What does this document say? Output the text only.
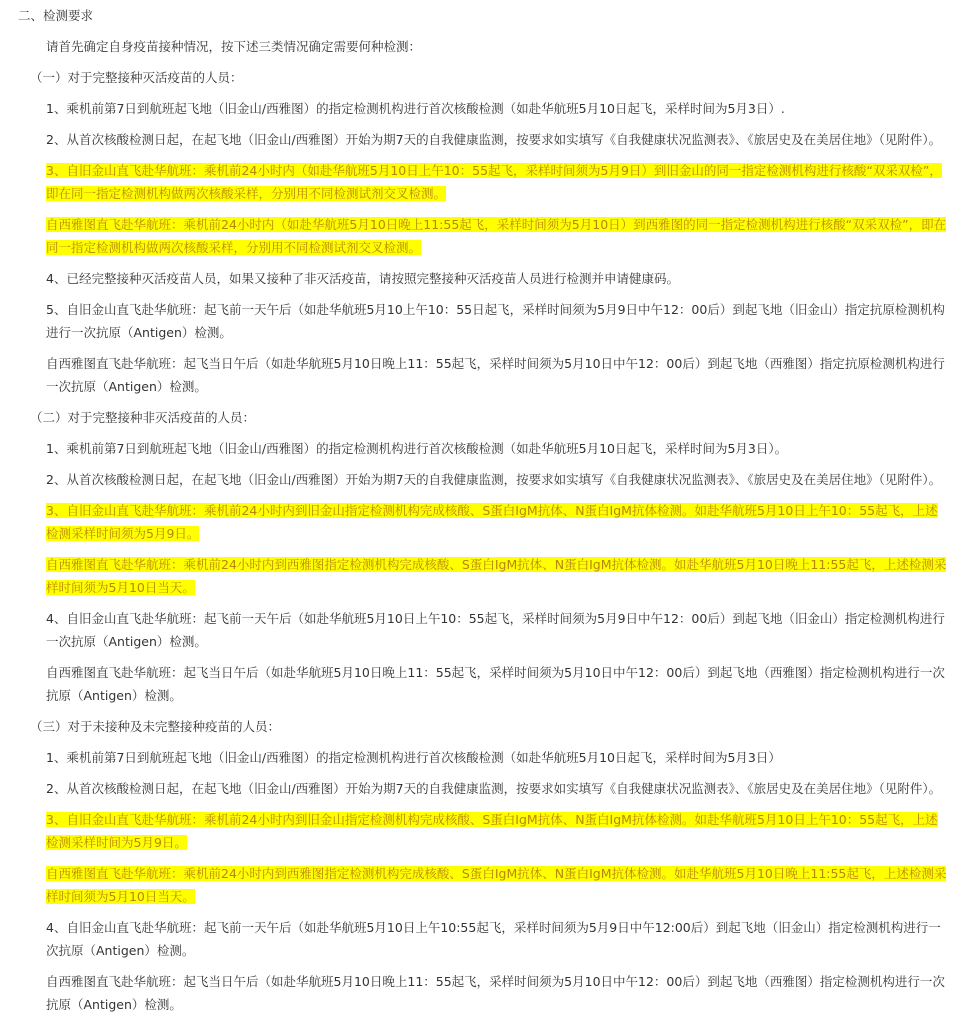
二、检测要求

请首先确定自身疫苗接种情况，按下述三类情况确定需要何种检测：

（一）对于完整接种灭活疫苗的人员：

1、乘机前第7日到航班起飞地（旧金山/西雅图）的指定检测机构进行首次核酸检测（如赴华航班5月10日起飞，采样时间为5月3日）.

2、从首次核酸检测日起，在起飞地（旧金山/西雅图）开始为期7天的自我健康监测，按要求如实填写《自我健康状况监测表》、《旅居史及在美居住地》（见附件）。

3、自旧金山直飞赴华航班：乘机前24小时内（如赴华航班5月10日上午10：55起飞，采样时间须为5月9日）到旧金山的同一指定检测机构进行核酸“双采双检”，即在同一指定检测机构做两次核酸采样，分别用不同检测试剂交叉检测。

自西雅图直飞赴华航班：乘机前24小时内（如赴华航班5月10日晚上11:55起飞，采样时间须为5月10日）到西雅图的同一指定检测机构进行核酸“双采双检”，即在同一指定检测机构做两次核酸采样，分别用不同检测试剂交叉检测。

4、已经完整接种灭活疫苗人员，如果又接种了非灭活疫苗，请按照完整接种灭活疫苗人员进行检测并申请健康码。

5、自旧金山直飞赴华航班：起飞前一天午后（如赴华航班5月10上午10：55日起飞，采样时间须为5月9日中午12：00后）到起飞地（旧金山）指定抗原检测机构进行一次抗原（Antigen）检测。

自西雅图直飞赴华航班：起飞当日午后（如赴华航班5月10日晚上11：55起飞，采样时间须为5月10日中午12：00后）到起飞地（西雅图）指定抗原检测机构进行一次抗原（Antigen）检测。

（二）对于完整接种非灭活疫苗的人员：

1、乘机前第7日到航班起飞地（旧金山/西雅图）的指定检测机构进行首次核酸检测（如赴华航班5月10日起飞，采样时间为5月3日）。

2、从首次核酸检测日起，在起飞地（旧金山/西雅图）开始为期7天的自我健康监测，按要求如实填写《自我健康状况监测表》、《旅居史及在美居住地》（见附件）。

3、自旧金山直飞赴华航班：乘机前24小时内到旧金山指定检测机构完成核酸、S蛋白IgM抗体、N蛋白IgM抗体检测。如赴华航班5月10日上午10：55起飞，上述检测采样时间须为5月9日。

自西雅图直飞赴华航班：乘机前24小时内到西雅图指定检测机构完成核酸、S蛋白IgM抗体、N蛋白IgM抗体检测。如赴华航班5月10日晚上11:55起飞，上述检测采样时间须为5月10日当天。

4、自旧金山直飞赴华航班：起飞前一天午后（如赴华航班5月10日上午10：55起飞，采样时间须为5月9日中午12：00后）到起飞地（旧金山）指定检测机构进行一次抗原（Antigen）检测。

自西雅图直飞赴华航班：起飞当日午后（如赴华航班5月10日晚上11：55起飞，采样时间须为5月10日中午12：00后）到起飞地（西雅图）指定检测机构进行一次抗原（Antigen）检测。

（三）对于未接种及未完整接种疫苗的人员：

1、乘机前第7日到航班起飞地（旧金山/西雅图）的指定检测机构进行首次核酸检测（如赴华航班5月10日起飞，采样时间为5月3日）

2、从首次核酸检测日起，在起飞地（旧金山/西雅图）开始为期7天的自我健康监测，按要求如实填写《自我健康状况监测表》、《旅居史及在美居住地》（见附件）。

3、自旧金山直飞赴华航班：乘机前24小时内到旧金山指定检测机构完成核酸、S蛋白IgM抗体、N蛋白IgM抗体检测。如赴华航班5月10日上午10：55起飞，上述检测采样时间为5月9日。

自西雅图直飞赴华航班：乘机前24小时内到西雅图指定检测机构完成核酸、S蛋白IgM抗体、N蛋白IgM抗体检测。如赴华航班5月10日晚上11:55起飞，上述检测采样时间须为5月10日当天。

4、自旧金山直飞赴华航班：起飞前一天午后（如赴华航班5月10日上午10:55起飞，采样时间须为5月9日中午12:00后）到起飞地（旧金山）指定检测机构进行一次抗原（Antigen）检测。

自西雅图直飞赴华航班：起飞当日午后（如赴华航班5月10日晚上11：55起飞，采样时间须为5月10日中午12：00后）到起飞地（西雅图）指定检测机构进行一次抗原（Antigen）检测。
